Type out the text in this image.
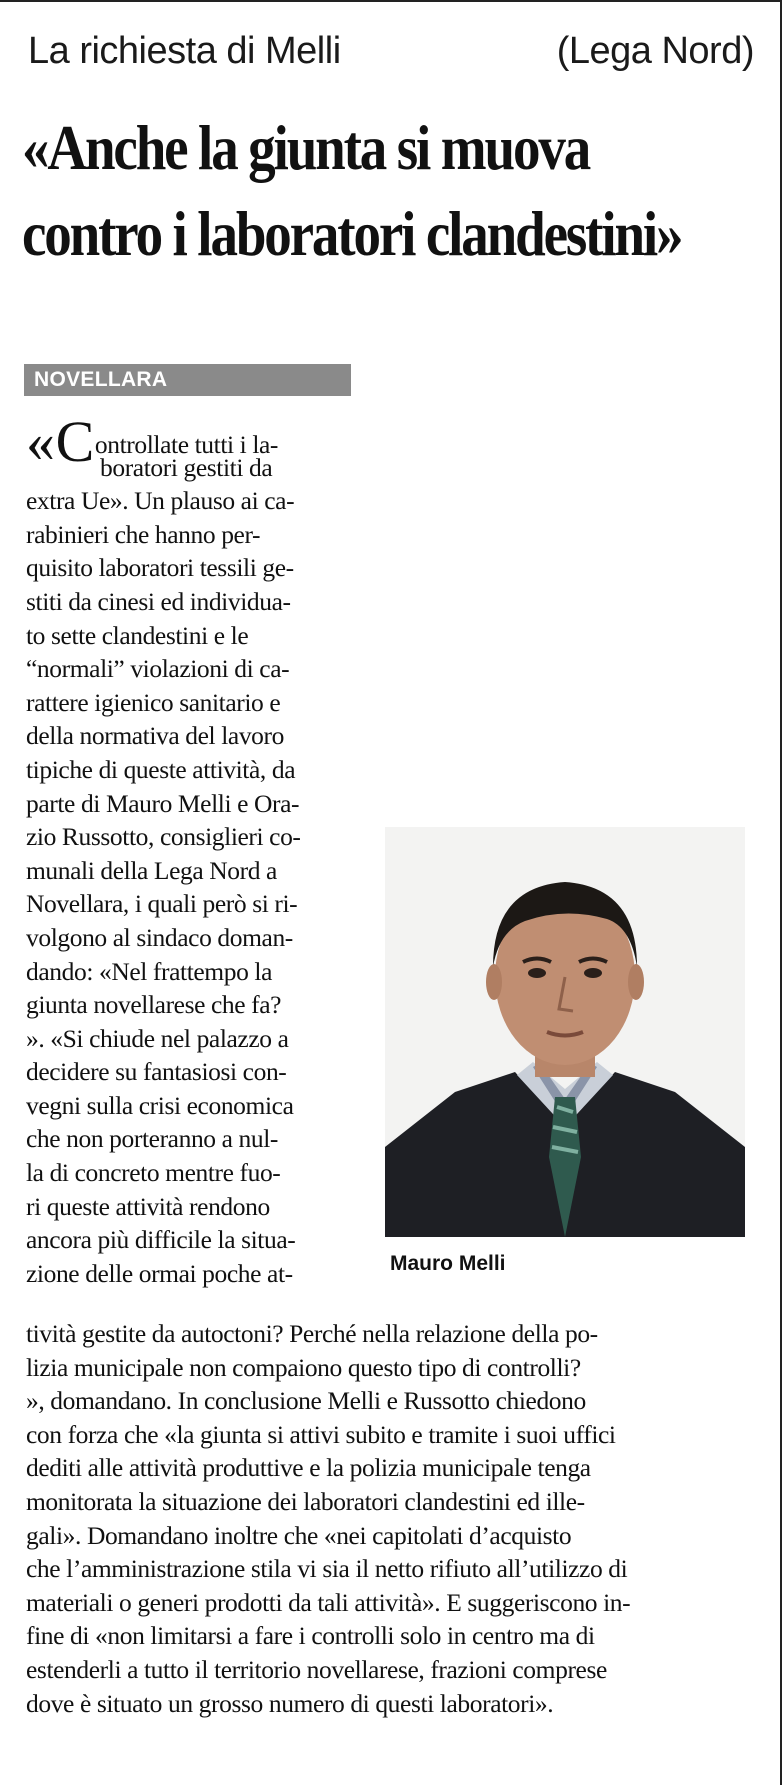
La richiesta di Melli	(Lega Nord)
«Anche la giunta si muova
contro i laboratori clandestini»
NOVELLARA
«Controllate tutti i la-
boratori gestiti da
extra Ue». Un plauso ai ca-
rabinieri che hanno per-
quisito laboratori tessili ge-
stiti da cinesi ed individua-
to sette clandestini e le
“normali” violazioni di ca-
rattere igienico sanitario e
della normativa del lavoro
tipiche di queste attività, da
parte di Mauro Melli e Ora-
zio Russotto, consiglieri co-
munali della Lega Nord a
Novellara, i quali però si ri-
volgono al sindaco doman-
dando: «Nel frattempo la
giunta novellarese che fa?
». «Si chiude nel palazzo a
decidere su fantasiosi con-
vegni sulla crisi economica
che non porteranno a nul-
la di concreto mentre fuo-
ri queste attività rendono
ancora più difficile la situa-
zione delle ormai poche at-
tività gestite da autoctoni? Perché nella relazione della po-
lizia municipale non compaiono questo tipo di controlli?
», domandano. In conclusione Melli e Russotto chiedono
con forza che «la giunta si attivi subito e tramite i suoi uffici
dediti alle attività produttive e la polizia municipale tenga
monitorata la situazione dei laboratori clandestini ed ille-
gali». Domandano inoltre che «nei capitolati d’acquisto
che l’amministrazione stila vi sia il netto rifiuto all’utilizzo di
materiali o generi prodotti da tali attività». E suggeriscono in-
fine di «non limitarsi a fare i controlli solo in centro ma di
estenderli a tutto il territorio novellarese, frazioni comprese
dove è situato un grosso numero di questi laboratori».
Mauro Melli
